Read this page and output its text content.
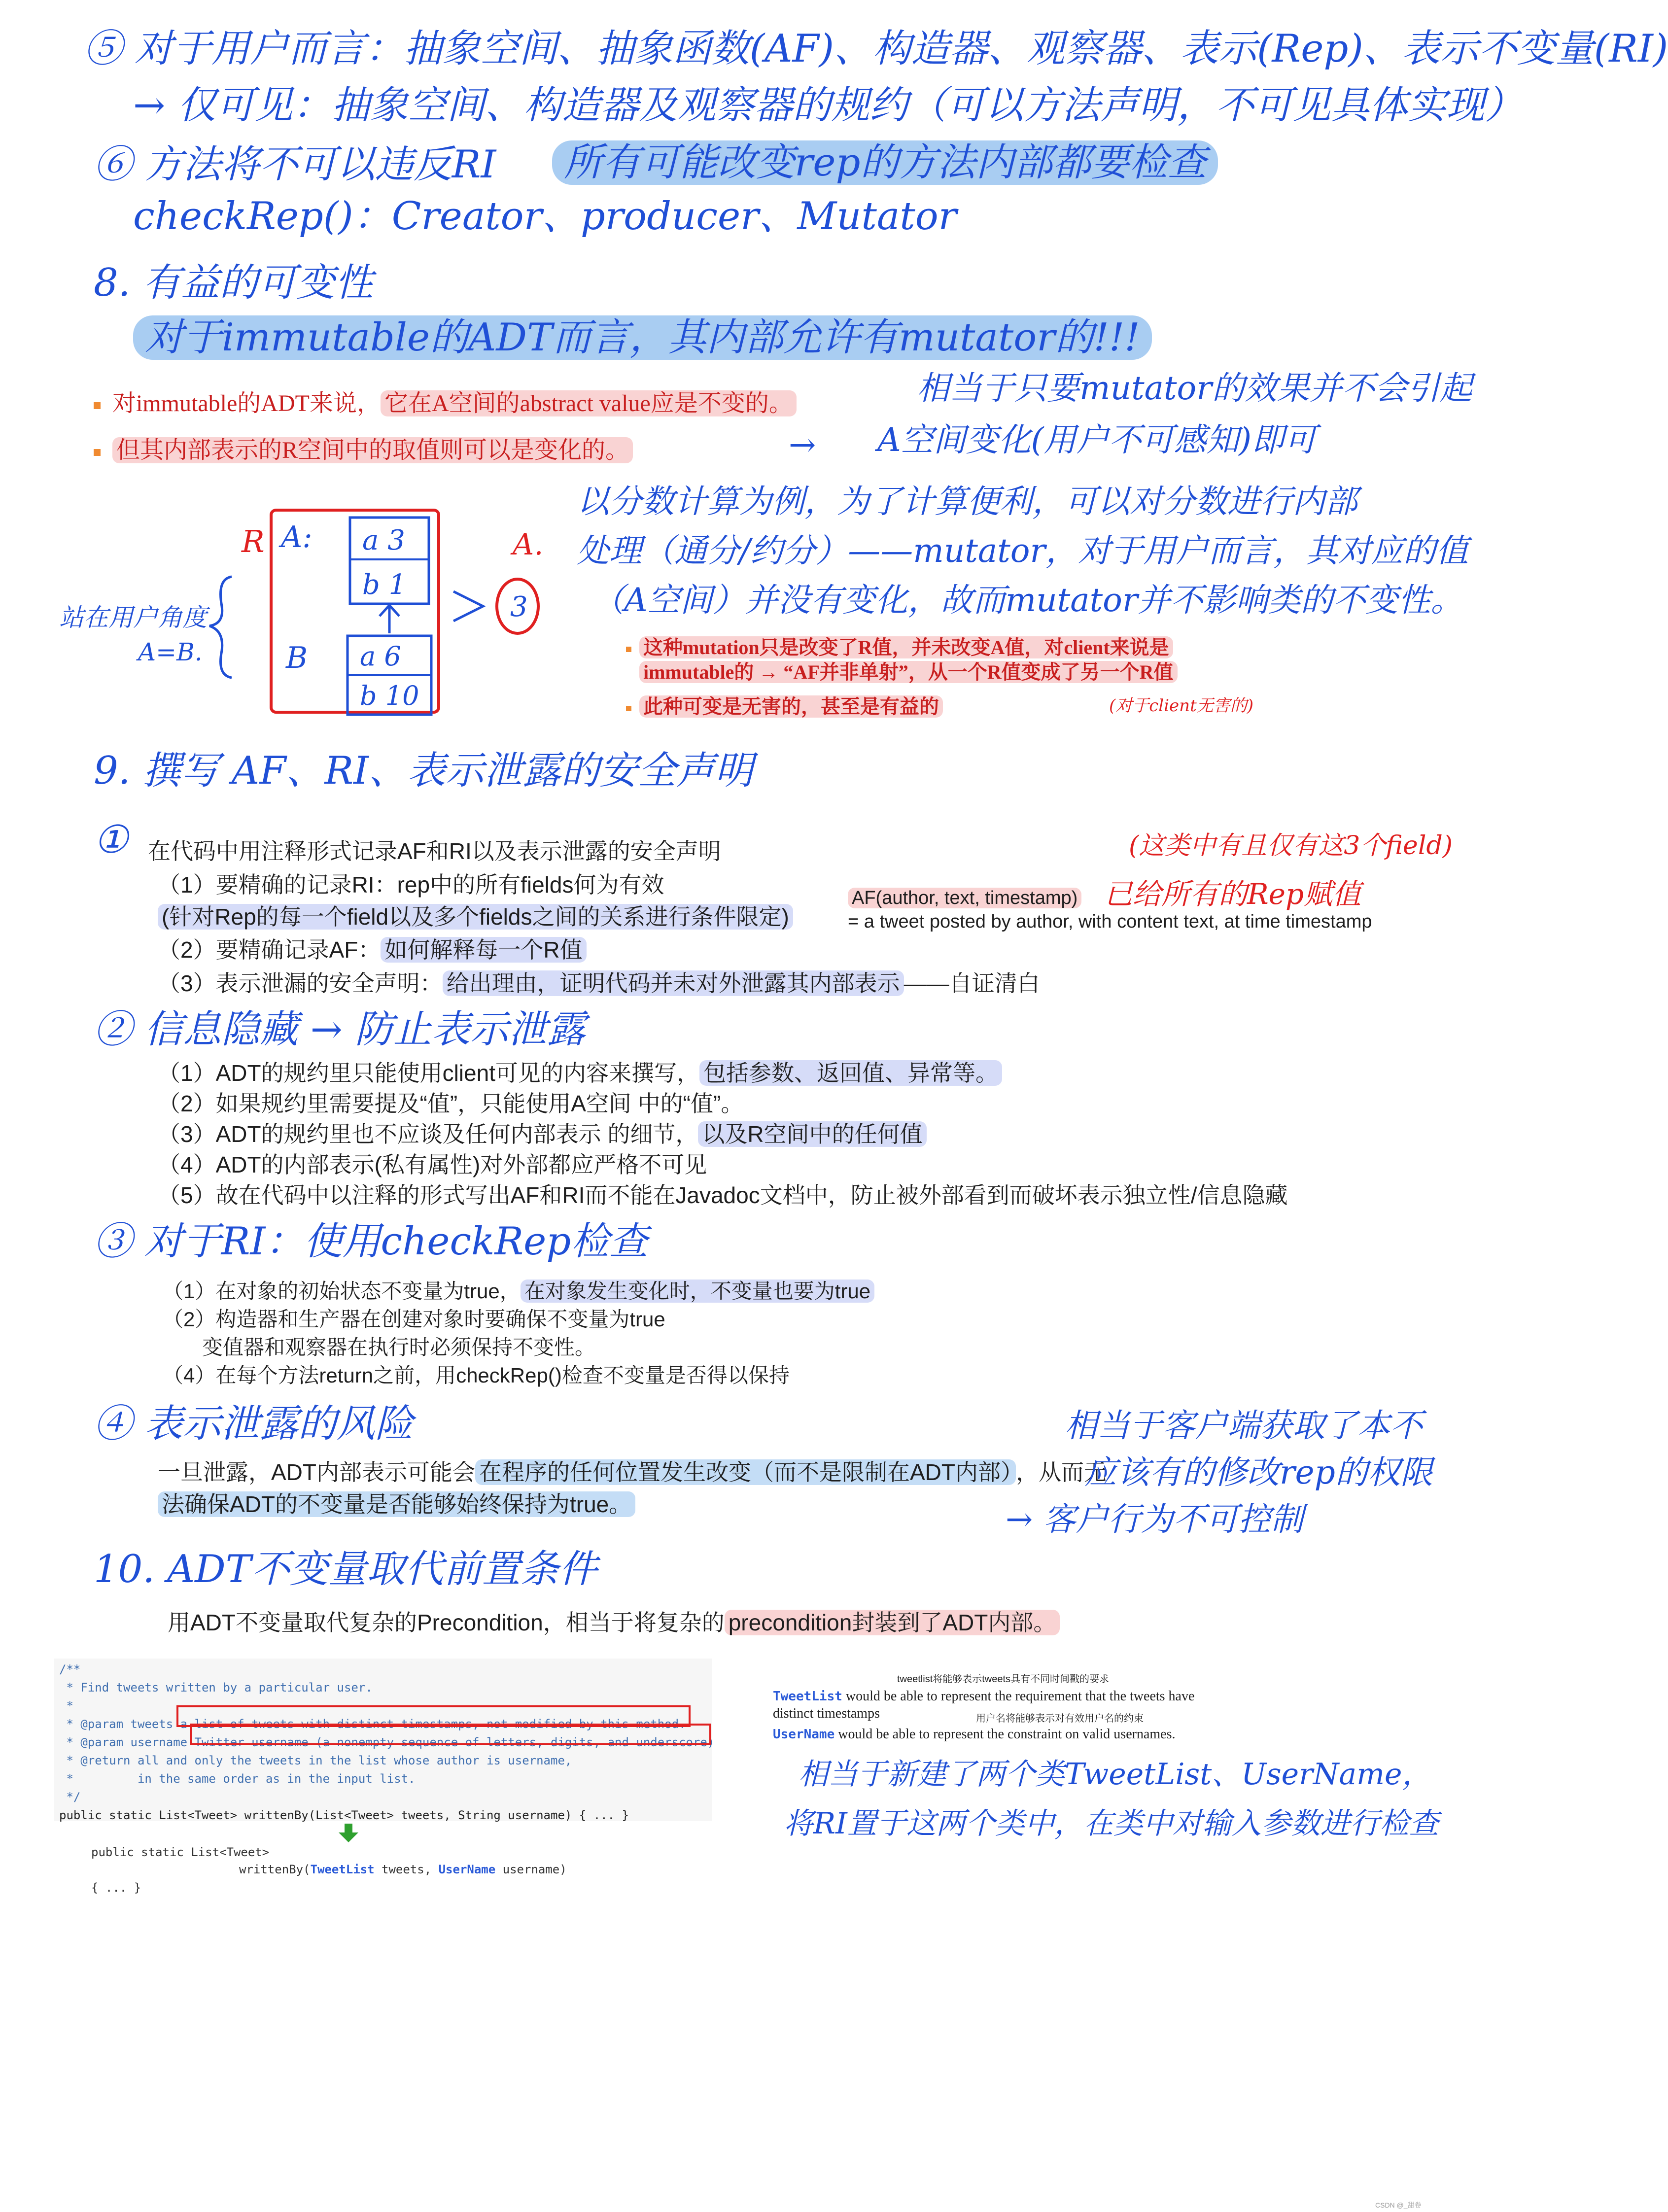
⑤ 对于用户而言：抽象空间、抽象函数(AF)、构造器、观察器、表示(Rep)、表示不变量(RI)
→ 仅可见：抽象空间、构造器及观察器的规约（可以方法声明，不可见具体实现）
⑥ 方法将不可以违反RI	所有可能改变rep的方法内部都要检查
checkRep()：Creator、producer、Mutator
8. 有益的可变性
对于immutable的ADT而言，其内部允许有mutator的!!!
对immutable的ADT来说， 它在A空间的abstract value应是不变的。
但其内部表示的R空间中的取值则可以是变化的。
相当于只要mutator的效果并不会引起
A空间变化(用户不可感知)即可
→
R A: a 3
b 1
B a 6
b 10
A.
3
站在用户角度
A=B.
以分数计算为例，为了计算便利，可以对分数进行内部
处理（通分/约分）——mutator，对于用户而言，其对应的值
（A空间）并没有变化，故而mutator并不影响类的不变性。
这种mutation只是改变了R值，并未改变A值，对client来说是
immutable的 → “AF并非单射”，从一个R值变成了另一个R值
此种可变是无害的，甚至是有益的	(对于client无害的)
9. 撰写 AF、RI、表示泄露的安全声明
① 在代码中用注释形式记录AF和RI以及表示泄露的安全声明
（1）要精确的记录RI：rep中的所有fields何为有效
(针对Rep的每一个field以及多个fields之间的关系进行条件限定)
（2）要精确记录AF： 如何解释每一个R值
（3）表示泄漏的安全声明： 给出理由，证明代码并未对外泄露其内部表示 ——自证清白
(这类中有且仅有这3个field)
AF(author, text, timestamp) 已给所有的Rep赋值
= a tweet posted by author, with content text, at time timestamp
② 信息隐藏 → 防止表示泄露
（1）ADT的规约里只能使用client可见的内容来撰写， 包括参数、返回值、异常等。
（2）如果规约里需要提及“值”，只能使用A空间 中的“值”。
（3）ADT的规约里也不应谈及任何内部表示 的细节， 以及R空间中的任何值
（4）ADT的内部表示(私有属性)对外部都应严格不可见
（5）故在代码中以注释的形式写出AF和RI而不能在Javadoc文档中，防止被外部看到而破坏表示独立性/信息隐藏
③ 对于RI：使用checkRep检查
（1）在对象的初始状态不变量为true， 在对象发生变化时，不变量也要为true
（2）构造器和生产器在创建对象时要确保不变量为true
变值器和观察器在执行时必须保持不变性。
（4）在每个方法return之前，用checkRep()检查不变量是否得以保持
④ 表示泄露的风险
一旦泄露，ADT内部表示可能会 在程序的任何位置发生改变（而不是限制在ADT内部） ，从而无
法确保ADT的不变量是否能够始终保持为true。
相当于客户端获取了本不
应该有的修改rep的权限
→ 客户行为不可控制
10. ADT不变量取代前置条件
用ADT不变量取代复杂的Precondition，相当于将复杂的 precondition封装到了ADT内部。
/**
* Find tweets written by a particular user.
*
* @param tweets a list of tweets with distinct timestamps, not modified by this method.
* @param username Twitter username (a nonempty sequence of letters, digits, and underscore)
* @return all and only the tweets in the list whose author is username,
*         in the same order as in the input list.
*/
public static List<Tweet> writtenBy(List<Tweet> tweets, String username) { ... }
public static List<Tweet>
writtenBy(TweetList tweets, UserName username)
{ ... }
tweetlist将能够表示tweets具有不同时间戳的要求
TweetList would be able to represent the requirement that the tweets have
distinct timestamps	用户名将能够表示对有效用户名的约束
UserName would be able to represent the constraint on valid usernames.
相当于新建了两个类TweetList、UserName，
将RI置于这两个类中，在类中对输入参数进行检查
CSDN @_甜卷
